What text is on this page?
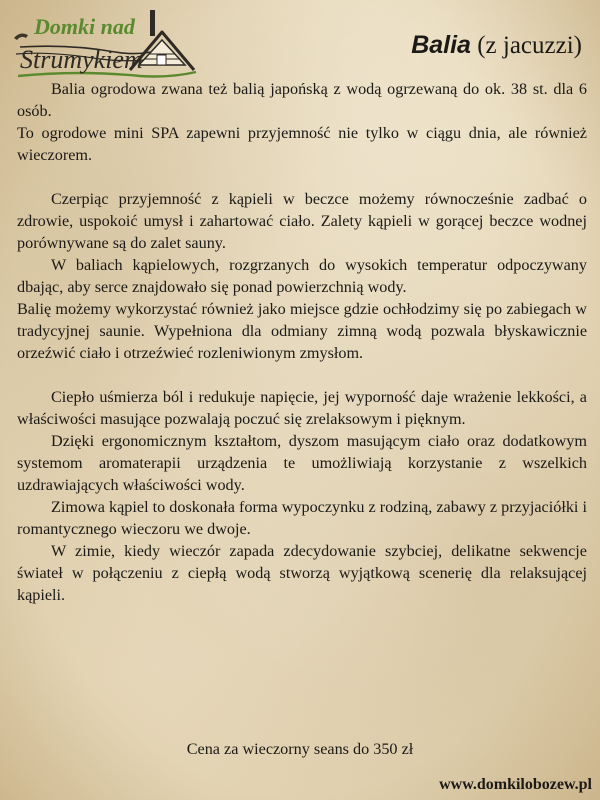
Domki nad
Strumykiem	Balia (z jacuzzi)

Balia ogrodowa zwana też balią japońską z wodą ogrzewaną do ok. 38 st. dla 6 osób.

To ogrodowe mini SPA zapewni przyjemność nie tylko w ciągu dnia, ale również wieczorem.

Czerpiąc przyjemność z kąpieli w beczce możemy równocześnie zadbać o zdrowie, uspokoić umysł i zahartować ciało. Zalety kąpieli w gorącej beczce wodnej porównywane są do zalet sauny.

W baliach kąpielowych, rozgrzanych do wysokich temperatur odpoczywany dbając, aby serce znajdowało się ponad powierzchnią wody.

Balię możemy wykorzystać również jako miejsce gdzie ochłodzimy się po zabiegach w tradycyjnej saunie. Wypełniona dla odmiany zimną wodą pozwala błyskawicznie orzeźwić ciało i otrzeźwieć rozleniwionym zmysłom.

Ciepło uśmierza ból i redukuje napięcie, jej wyporność daje wrażenie lekkości, a właściwości masujące pozwalają poczuć się zrelaksowym i pięknym.

Dzięki ergonomicznym kształtom, dyszom masującym ciało oraz dodatkowym systemom aromaterapii urządzenia te umożliwiają korzystanie z wszelkich uzdrawiających właściwości wody.

Zimowa kąpiel to doskonała forma wypoczynku z rodziną, zabawy z przyjaciółki i romantycznego wieczoru we dwoje.

W zimie, kiedy wieczór zapada zdecydowanie szybciej, delikatne sekwencje świateł w połączeniu z ciepłą wodą stworzą wyjątkową scenerię dla relaksującej kąpieli.

Cena za wieczorny seans do 350 zł
www.domkilobozew.pl
